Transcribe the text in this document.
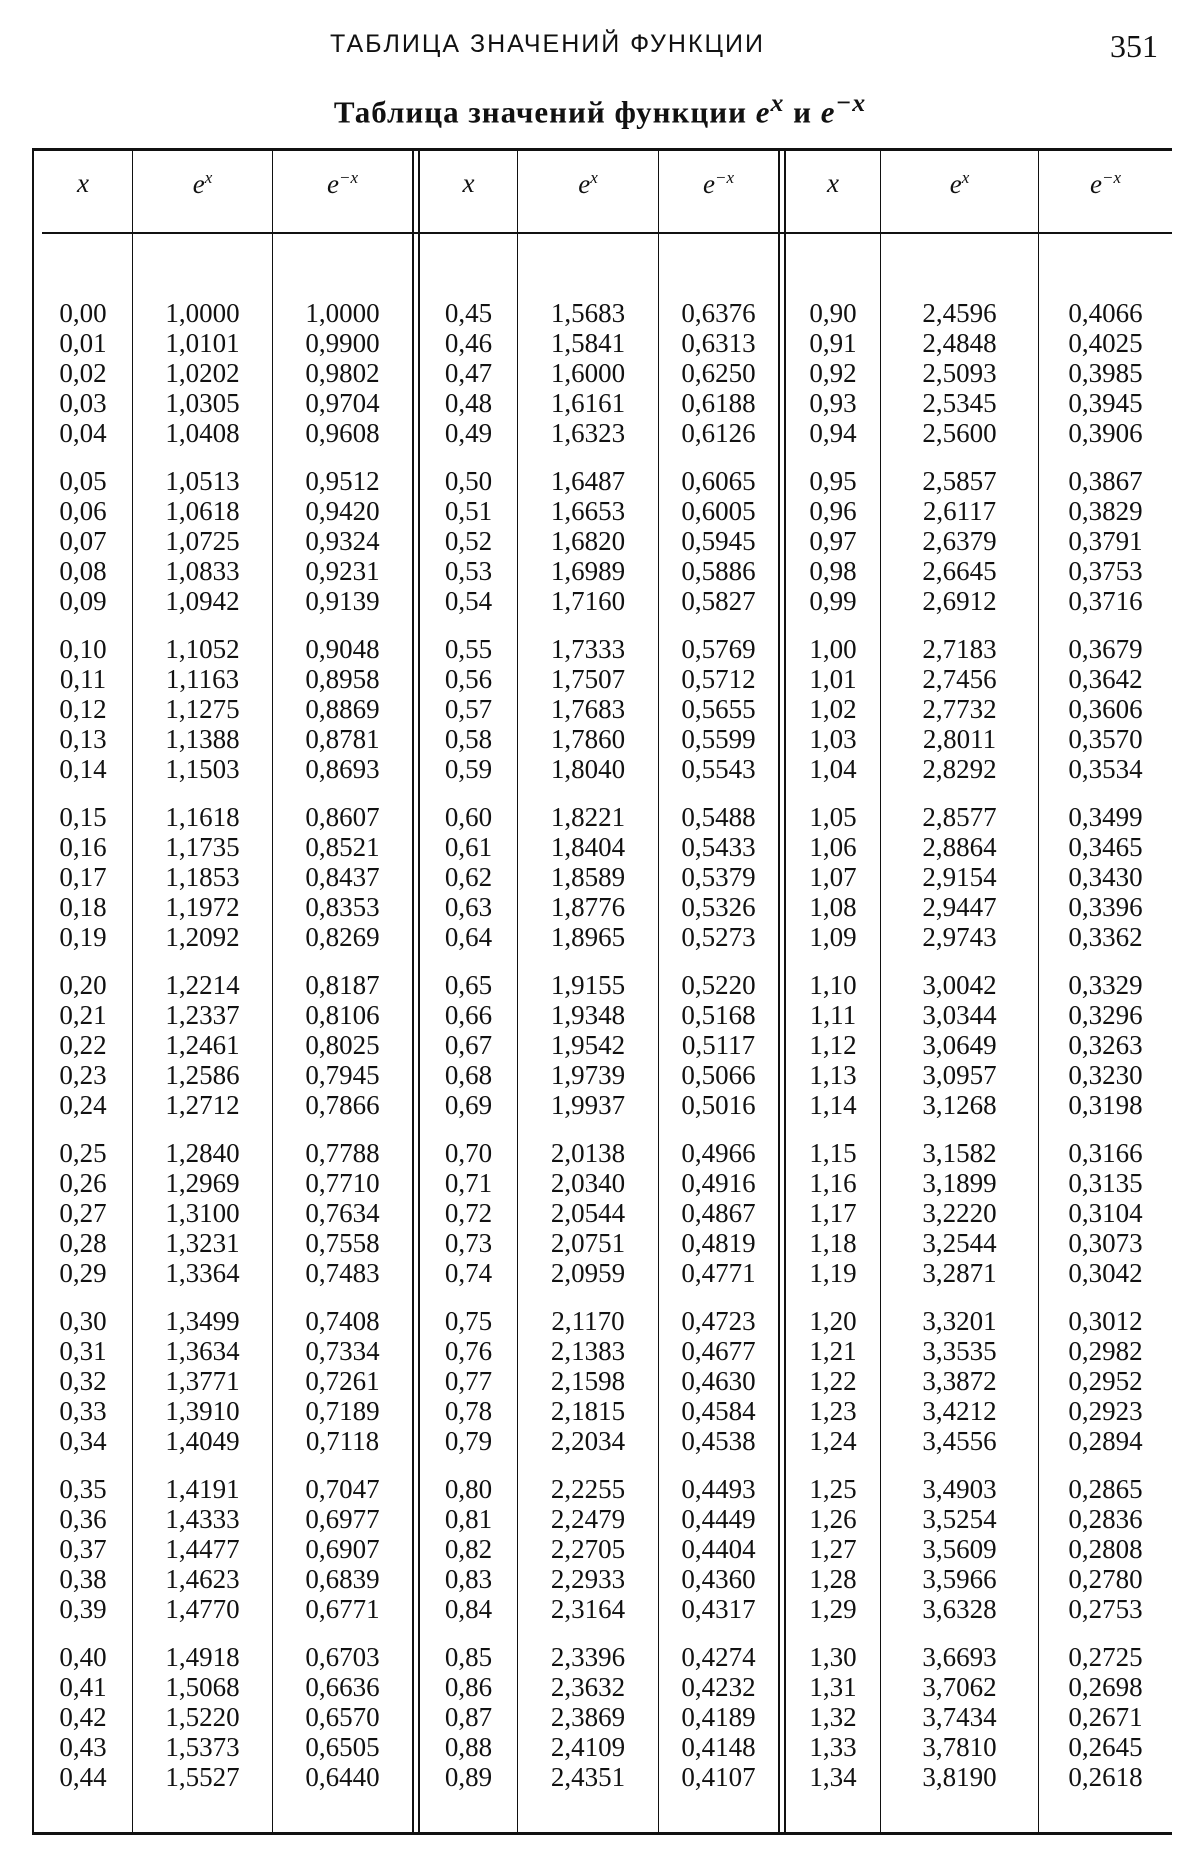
ТАБЛИЦА ЗНАЧЕНИЙ ФУНКЦИИ	351
Таблица значений функции $e^x$ и $e^{-x}$
x	$e^x$	$e^{-x}$	x	$e^x$	$e^{-x}$	x	$e^x$	$e^{-x}$
0,00	1,0000	1,0000	0,45	1,5683	0,6376	0,90	2,4596	0,4066
0,01	1,0101	0,9900	0,46	1,5841	0,6313	0,91	2,4848	0,4025
0,02	1,0202	0,9802	0,47	1,6000	0,6250	0,92	2,5093	0,3985
0,03	1,0305	0,9704	0,48	1,6161	0,6188	0,93	2,5345	0,3945
0,04	1,0408	0,9608	0,49	1,6323	0,6126	0,94	2,5600	0,3906
0,05	1,0513	0,9512	0,50	1,6487	0,6065	0,95	2,5857	0,3867
0,06	1,0618	0,9420	0,51	1,6653	0,6005	0,96	2,6117	0,3829
0,07	1,0725	0,9324	0,52	1,6820	0,5945	0,97	2,6379	0,3791
0,08	1,0833	0,9231	0,53	1,6989	0,5886	0,98	2,6645	0,3753
0,09	1,0942	0,9139	0,54	1,7160	0,5827	0,99	2,6912	0,3716
0,10	1,1052	0,9048	0,55	1,7333	0,5769	1,00	2,7183	0,3679
0,11	1,1163	0,8958	0,56	1,7507	0,5712	1,01	2,7456	0,3642
0,12	1,1275	0,8869	0,57	1,7683	0,5655	1,02	2,7732	0,3606
0,13	1,1388	0,8781	0,58	1,7860	0,5599	1,03	2,8011	0,3570
0,14	1,1503	0,8693	0,59	1,8040	0,5543	1,04	2,8292	0,3534
0,15	1,1618	0,8607	0,60	1,8221	0,5488	1,05	2,8577	0,3499
0,16	1,1735	0,8521	0,61	1,8404	0,5433	1,06	2,8864	0,3465
0,17	1,1853	0,8437	0,62	1,8589	0,5379	1,07	2,9154	0,3430
0,18	1,1972	0,8353	0,63	1,8776	0,5326	1,08	2,9447	0,3396
0,19	1,2092	0,8269	0,64	1,8965	0,5273	1,09	2,9743	0,3362
0,20	1,2214	0,8187	0,65	1,9155	0,5220	1,10	3,0042	0,3329
0,21	1,2337	0,8106	0,66	1,9348	0,5168	1,11	3,0344	0,3296
0,22	1,2461	0,8025	0,67	1,9542	0,5117	1,12	3,0649	0,3263
0,23	1,2586	0,7945	0,68	1,9739	0,5066	1,13	3,0957	0,3230
0,24	1,2712	0,7866	0,69	1,9937	0,5016	1,14	3,1268	0,3198
0,25	1,2840	0,7788	0,70	2,0138	0,4966	1,15	3,1582	0,3166
0,26	1,2969	0,7710	0,71	2,0340	0,4916	1,16	3,1899	0,3135
0,27	1,3100	0,7634	0,72	2,0544	0,4867	1,17	3,2220	0,3104
0,28	1,3231	0,7558	0,73	2,0751	0,4819	1,18	3,2544	0,3073
0,29	1,3364	0,7483	0,74	2,0959	0,4771	1,19	3,2871	0,3042
0,30	1,3499	0,7408	0,75	2,1170	0,4723	1,20	3,3201	0,3012
0,31	1,3634	0,7334	0,76	2,1383	0,4677	1,21	3,3535	0,2982
0,32	1,3771	0,7261	0,77	2,1598	0,4630	1,22	3,3872	0,2952
0,33	1,3910	0,7189	0,78	2,1815	0,4584	1,23	3,4212	0,2923
0,34	1,4049	0,7118	0,79	2,2034	0,4538	1,24	3,4556	0,2894
0,35	1,4191	0,7047	0,80	2,2255	0,4493	1,25	3,4903	0,2865
0,36	1,4333	0,6977	0,81	2,2479	0,4449	1,26	3,5254	0,2836
0,37	1,4477	0,6907	0,82	2,2705	0,4404	1,27	3,5609	0,2808
0,38	1,4623	0,6839	0,83	2,2933	0,4360	1,28	3,5966	0,2780
0,39	1,4770	0,6771	0,84	2,3164	0,4317	1,29	3,6328	0,2753
0,40	1,4918	0,6703	0,85	2,3396	0,4274	1,30	3,6693	0,2725
0,41	1,5068	0,6636	0,86	2,3632	0,4232	1,31	3,7062	0,2698
0,42	1,5220	0,6570	0,87	2,3869	0,4189	1,32	3,7434	0,2671
0,43	1,5373	0,6505	0,88	2,4109	0,4148	1,33	3,7810	0,2645
0,44	1,5527	0,6440	0,89	2,4351	0,4107	1,34	3,8190	0,2618
